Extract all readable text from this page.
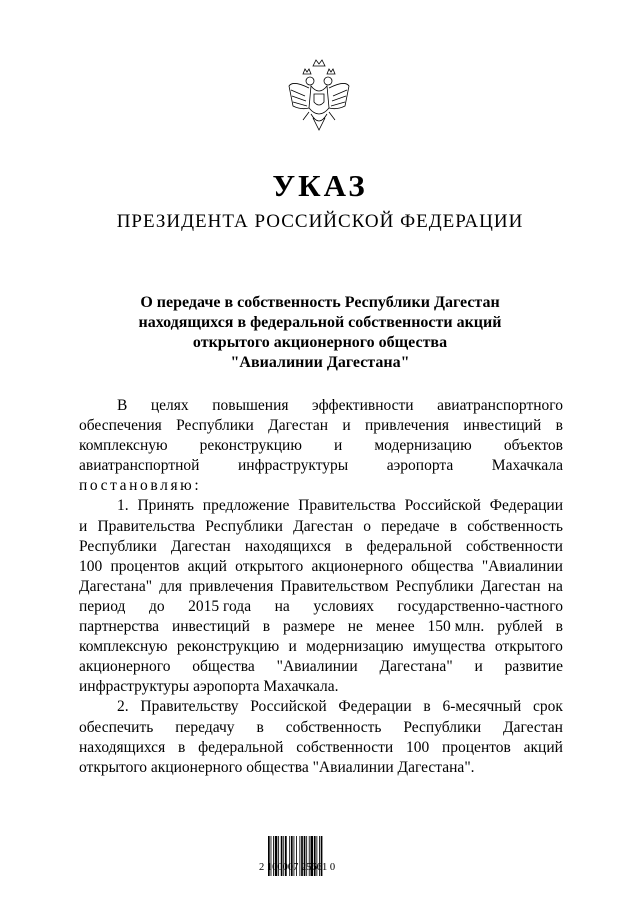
УКАЗ
ПРЕЗИДЕНТА РОССИЙСКОЙ ФЕДЕРАЦИИ
О передаче в собственность Республики Дагестан
находящихся в федеральной собственности акций
открытого акционерного общества
"Авиалинии Дагестана"
В целях повышения эффективности авиатранспортного
обеспечения Республики Дагестан и привлечения инвестиций в
комплексную реконструкцию и модернизацию объектов
авиатранспортной инфраструктуры аэропорта Махачкала
постановляю:
1. Принять предложение Правительства Российской Федерации
и Правительства Республики Дагестан о передаче в собственность
Республики Дагестан находящихся в федеральной собственности
100 процентов акций открытого акционерного общества "Авиалинии
Дагестана" для привлечения Правительством Республики Дагестан на
период до 2015 года на условиях государственно-частного
партнерства инвестиций в размере не менее 150 млн. рублей в
комплексную реконструкцию и модернизацию имущества открытого
акционерного общества "Авиалинии Дагестана" и развитие
инфраструктуры аэропорта Махачкала.
2. Правительству Российской Федерации в 6-месячный срок
обеспечить передачу в собственность Республики Дагестан
находящихся в федеральной собственности 100 процентов акций
открытого акционерного общества "Авиалинии Дагестана".
2 100007 25661 0
